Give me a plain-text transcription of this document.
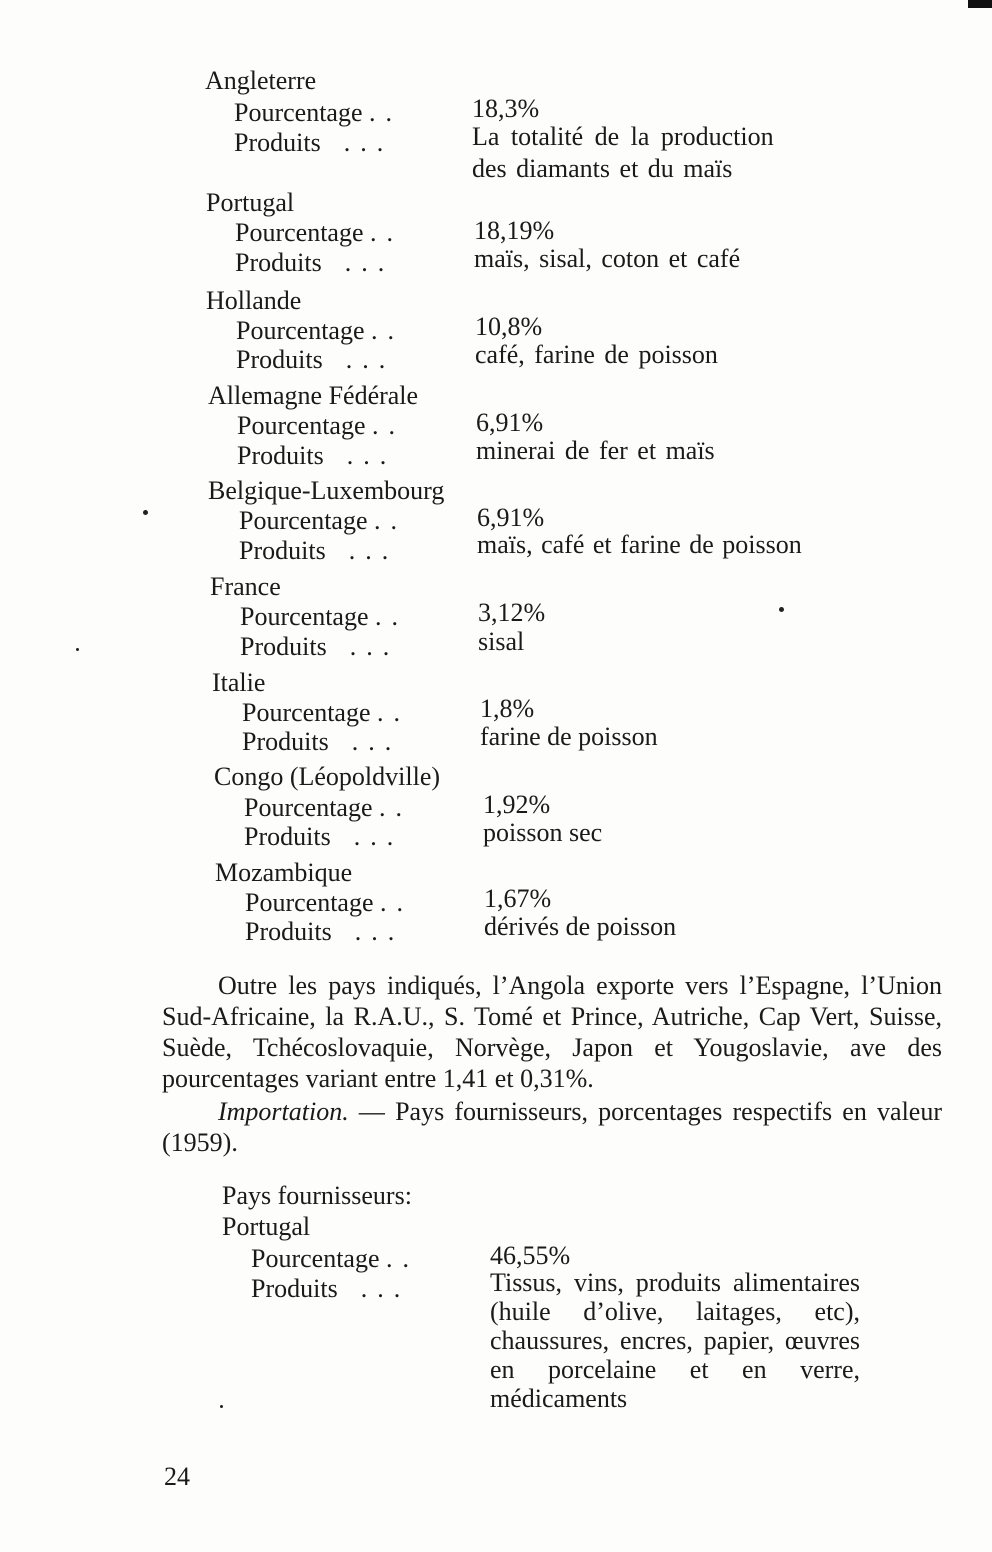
Angleterre
Pourcentage ..	18,3%
Produits  ...	La totalité de la production
des diamants et du maïs
Portugal
Pourcentage ..	18,19%
Produits  ...	maïs, sisal, coton et café
Hollande
Pourcentage ..	10,8%
Produits  ...	café, farine de poisson
Allemagne Fédérale
Pourcentage ..	6,91%
Produits  ...	minerai de fer et maïs
Belgique-Luxembourg
Pourcentage ..	6,91%
Produits  ...	maïs, café et farine de poisson
France
Pourcentage ..	3,12%
Produits  ...	sisal
Italie
Pourcentage ..	1,8%
Produits  ...	farine de poisson
Congo (Léopoldville)
Pourcentage ..	1,92%
Produits  ...	poisson sec
Mozambique
Pourcentage ..	1,67%
Produits  ...	dérivés de poisson

Outre les pays indiqués, l’Angola exporte vers l’Espagne, l’Union Sud-Africaine, la R.A.U., S. Tomé et Prince, Autriche, Cap Vert, Suisse, Suède, Tchécoslovaquie, Norvège, Japon et Yougoslavie, ave des pourcentages variant entre 1,41 et 0,31%.

Importation. — Pays fournisseurs, porcentages respectifs en valeur (1959).

Pays fournisseurs:
Portugal
Pourcentage ..	46,55%
Produits  ...	Tissus, vins, produits alimentaires (huile d’olive, laitages, etc), chaussures, encres, papier, œuvres en porcelaine et en verre, médicaments
24
